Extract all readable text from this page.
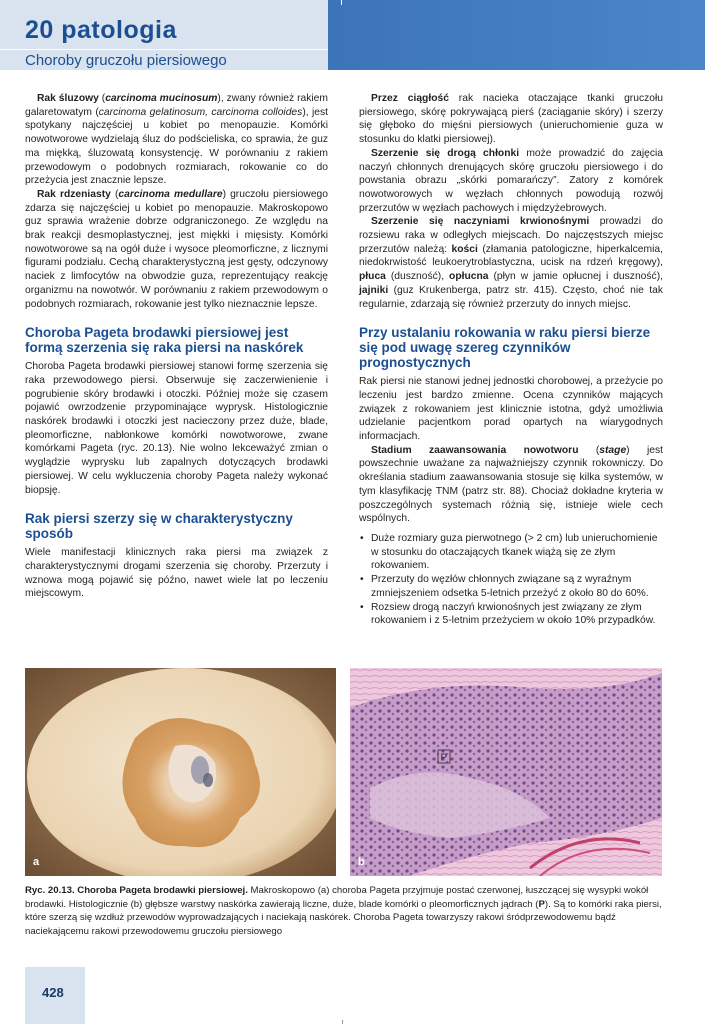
20 patologia
Choroby gruczołu piersiowego

Rak śluzowy (carcinoma mucinosum), zwany również rakiem galaretowatym (carcinoma gelatinosum, carcinoma colloides), jest spotykany najczęściej u kobiet po menopauzie. Komórki nowotworowe wydzielają śluz do podścieliska, co sprawia, że guz ma miękką, śluzowatą konsystencję. W porównaniu z rakiem przewodowym o podobnych rozmiarach, rokowanie co do przeżycia jest znacznie lepsze.

Rak rdzeniasty (carcinoma medullare) gruczołu piersiowego zdarza się najczęściej u kobiet po menopauzie. Makroskopowo guz sprawia wrażenie dobrze odgraniczonego. Ze względu na brak reakcji desmoplastycznej, jest miękki i mięsisty. Komórki nowotworowe są na ogół duże i wysoce pleomorficzne, z licznymi figurami podziału. Cechą charakterystyczną jest gęsty, odczynowy naciek z limfocytów na obwodzie guza, reprezentujący reakcję organizmu na nowotwór. W porównaniu z rakiem przewodowym o podobnych rozmiarach, rokowanie jest tylko nieznacznie lepsze.

Choroba Pageta brodawki piersiowej jest formą szerzenia się raka piersi na naskórek

Choroba Pageta brodawki piersiowej stanowi formę szerzenia się raka przewodowego piersi. Obserwuje się zaczerwienienie i pogrubienie skóry brodawki i otoczki. Później może się czasem pojawić owrzodzenie przypominające wyprysk. Histologicznie naskórek brodawki i otoczki jest nacieczony przez duże, blade, pleomorficzne, nabłonkowe komórki nowotworowe, zwane komórkami Pageta (ryc. 20.13). Nie wolno lekceważyć zmian o wyglądzie wyprysku lub zapalnych dotyczących brodawki piersiowej. W celu wykluczenia choroby Pageta należy wykonać biopsję.

Rak piersi szerzy się w charakterystyczny sposób

Wiele manifestacji klinicznych raka piersi ma związek z charakterystycznymi drogami szerzenia się choroby. Przerzuty i wznowa mogą pojawić się późno, nawet wiele lat po leczeniu miejscowym.

Przez ciągłość rak nacieka otaczające tkanki gruczołu piersiowego, skórę pokrywającą pierś (zaciąganie skóry) i szerzy się głęboko do mięśni piersiowych (unieruchomienie guza w stosunku do klatki piersiowej).

Szerzenie się drogą chłonki może prowadzić do zajęcia naczyń chłonnych drenujących skórę gruczołu piersiowego i do powstania obrazu „skórki pomarańczy”. Zatory z komórek nowotworowych w węzłach chłonnych powodują rozwój przerzutów w węzłach pachowych i międzyżebrowych.

Szerzenie się naczyniami krwionośnymi prowadzi do rozsiewu raka w odległych miejscach. Do najczęstszych miejsc przerzutów należą: kości (złamania patologiczne, hiperkalcemia, niedokrwistość leukoerytroblastyczna, ucisk na rdzeń kręgowy), płuca (duszność), opłucna (płyn w jamie opłucnej i duszność), jajniki (guz Krukenberga, patrz str. 415). Często, choć nie tak regularnie, zdarzają się również przerzuty do innych miejsc.

Przy ustalaniu rokowania w raku piersi bierze się pod uwagę szereg czynników prognostycznych

Rak piersi nie stanowi jednej jednostki chorobowej, a przeżycie po leczeniu jest bardzo zmienne. Ocena czynników mających związek z rokowaniem jest klinicznie istotna, gdyż umożliwia udzielanie pacjentkom porad opartych na wiarygodnych informacjach.

Stadium zaawansowania nowotworu (stage) jest powszechnie uważane za najważniejszy czynnik rokowniczy. Do określania stadium zaawansowania stosuje się kilka systemów, w tym klasyfikację TNM (patrz str. 88). Chociaż dokładne kryteria w poszczególnych systemach różnią się, istnieje wiele cech wspólnych.

• Duże rozmiary guza pierwotnego (> 2 cm) lub unieruchomienie w stosunku do otaczających tkanek wiążą się ze złym rokowaniem.
• Przerzuty do węzłów chłonnych związane są z wyraźnym zmniejszeniem odsetka 5-letnich przeżyć z około 80 do 60%.
• Rozsiew drogą naczyń krwionośnych jest związany ze złym rokowaniem i z 5-letnim przeżyciem w około 10% przypadków.
a
P
b
Ryc. 20.13. Choroba Pageta brodawki piersiowej. Makroskopowo (a) choroba Pageta przyjmuje postać czerwonej, łuszczącej się wysypki wokół brodawki. Histologicznie (b) głębsze warstwy naskórka zawierają liczne, duże, blade komórki o pleomorficznych jądrach (P). Są to komórki raka piersi, które szerzą się wzdłuż przewodów wyprowadzających i naciekają naskórek. Choroba Pageta towarzyszy rakowi śródprzewodowemu bądź naciekającemu rakowi przewodowemu gruczołu piersiowego
428
